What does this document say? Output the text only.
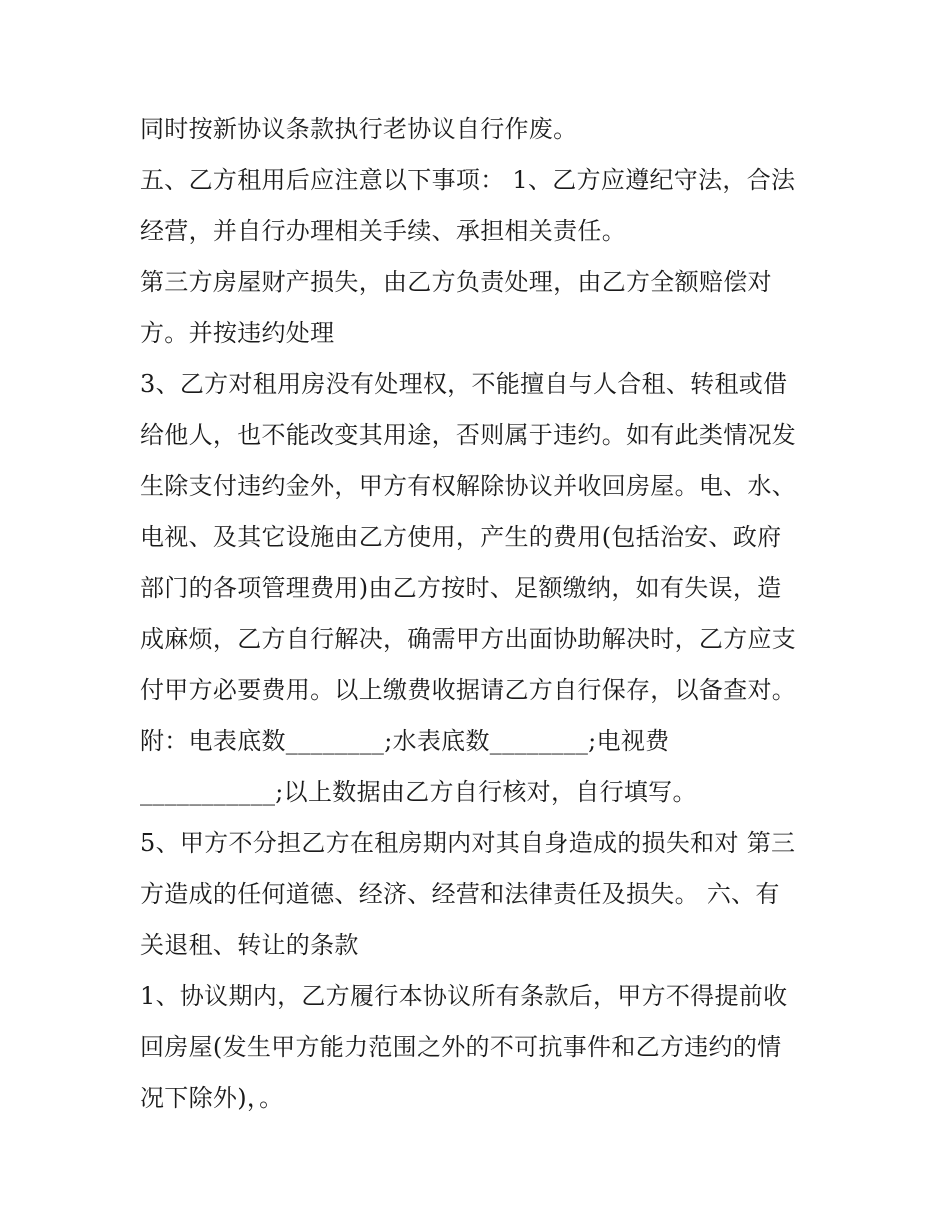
同时按新协议条款执行老协议自行作废。
五、乙方租用后应注意以下事项： 1、乙方应遵纪守法，合法
经营，并自行办理相关手续、承担相关责任。
第三方房屋财产损失，由乙方负责处理，由乙方全额赔偿对
方。并按违约处理
3、乙方对租用房没有处理权，不能擅自与人合租、转租或借
给他人，也不能改变其用途，否则属于违约。如有此类情况发
生除支付违约金外，甲方有权解除协议并收回房屋。电、水、
电视、及其它设施由乙方使用，产生的费用(包括治安、政府
部门的各项管理费用)由乙方按时、足额缴纳，如有失误，造
成麻烦，乙方自行解决，确需甲方出面协助解决时，乙方应支
付甲方必要费用。以上缴费收据请乙方自行保存，以备查对。
附：电表底数________;水表底数________;电视费
___________;以上数据由乙方自行核对，自行填写。
5、甲方不分担乙方在租房期内对其自身造成的损失和对 第三
方造成的任何道德、经济、经营和法律责任及损失。 六、有
关退租、转让的条款
1、协议期内，乙方履行本协议所有条款后，甲方不得提前收
回房屋(发生甲方能力范围之外的不可抗事件和乙方违约的情
况下除外)，。
